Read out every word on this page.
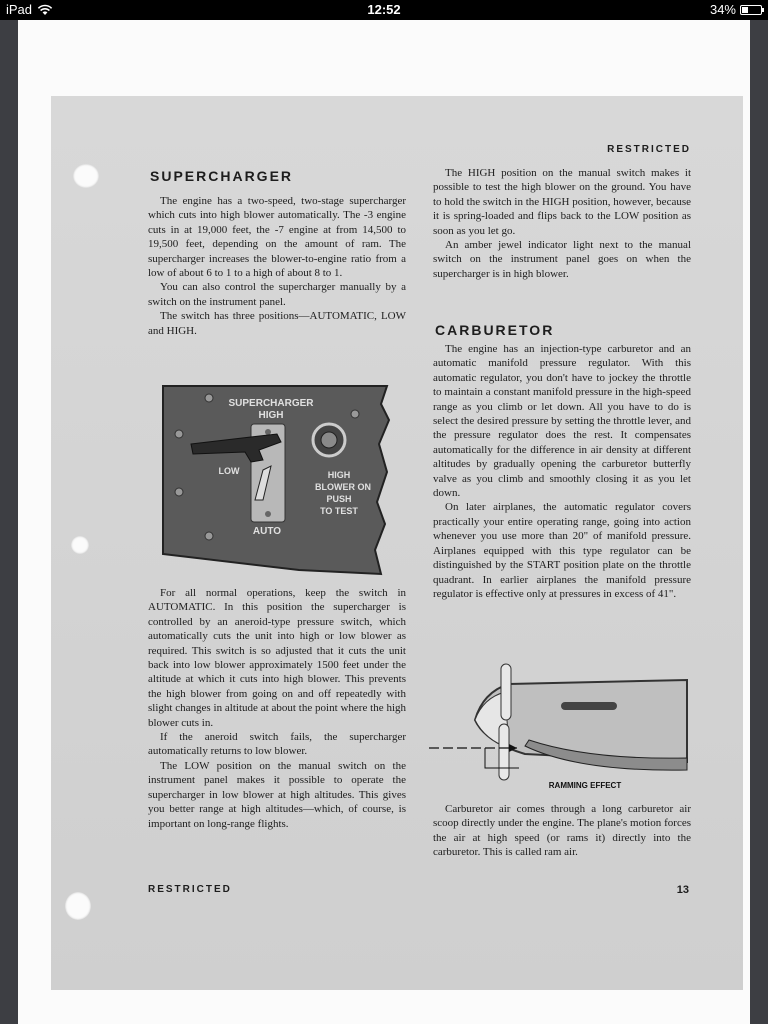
iPad	12:52	34%
RESTRICTED
SUPERCHARGER

The engine has a two-speed, two-stage supercharger which cuts into high blower automatically. The -3 engine cuts in at 19,000 feet, the -7 engine at from 14,500 to 19,500 feet, depending on the amount of ram. The supercharger increases the blower-to-engine ratio from a low of about 6 to 1 to a high of about 8 to 1.

You can also control the supercharger manually by a switch on the instrument panel.

The switch has three positions—AUTOMATIC, LOW and HIGH.

SUPERCHARGER
HIGH
LOW
AUTO
HIGH
BLOWER ON
PUSH
TO TEST

For all normal operations, keep the switch in AUTOMATIC. In this position the supercharger is controlled by an aneroid-type pressure switch, which automatically cuts the unit into high or low blower as required. This switch is so adjusted that it cuts the unit back into low blower approximately 1500 feet under the altitude at which it cuts into high blower. This prevents the high blower from going on and off repeatedly with slight changes in altitude at about the point where the high blower cuts in.

If the aneroid switch fails, the supercharger automatically returns to low blower.

The LOW position on the manual switch on the instrument panel makes it possible to operate the supercharger in low blower at high altitudes. This gives you better range at high altitudes—which, of course, is important on long-range flights.

The HIGH position on the manual switch makes it possible to test the high blower on the ground. You have to hold the switch in the HIGH position, however, because it is spring-loaded and flips back to the LOW position as soon as you let go.

An amber jewel indicator light next to the manual switch on the instrument panel goes on when the supercharger is in high blower.

CARBURETOR

The engine has an injection-type carburetor and an automatic manifold pressure regulator. With this automatic regulator, you don't have to jockey the throttle to maintain a constant manifold pressure in the high-speed range as you climb or let down. All you have to do is select the desired pressure by setting the throttle lever, and the pressure regulator does the rest. It compensates automatically for the difference in air density at different altitudes by gradually opening the carburetor butterfly valve as you climb and smoothly closing it as you let down.

On later airplanes, the automatic regulator covers practically your entire operating range, going into action whenever you use more than 20" of manifold pressure. Airplanes equipped with this type regulator can be distinguished by the START position plate on the throttle quadrant. In earlier airplanes the manifold pressure regulator is effective only at pressures in excess of 41".

RAMMING EFFECT

Carburetor air comes through a long carburetor air scoop directly under the engine. The plane's motion forces the air at high speed (or rams it) directly into the carburetor. This is called ram air.

RESTRICTED	13
